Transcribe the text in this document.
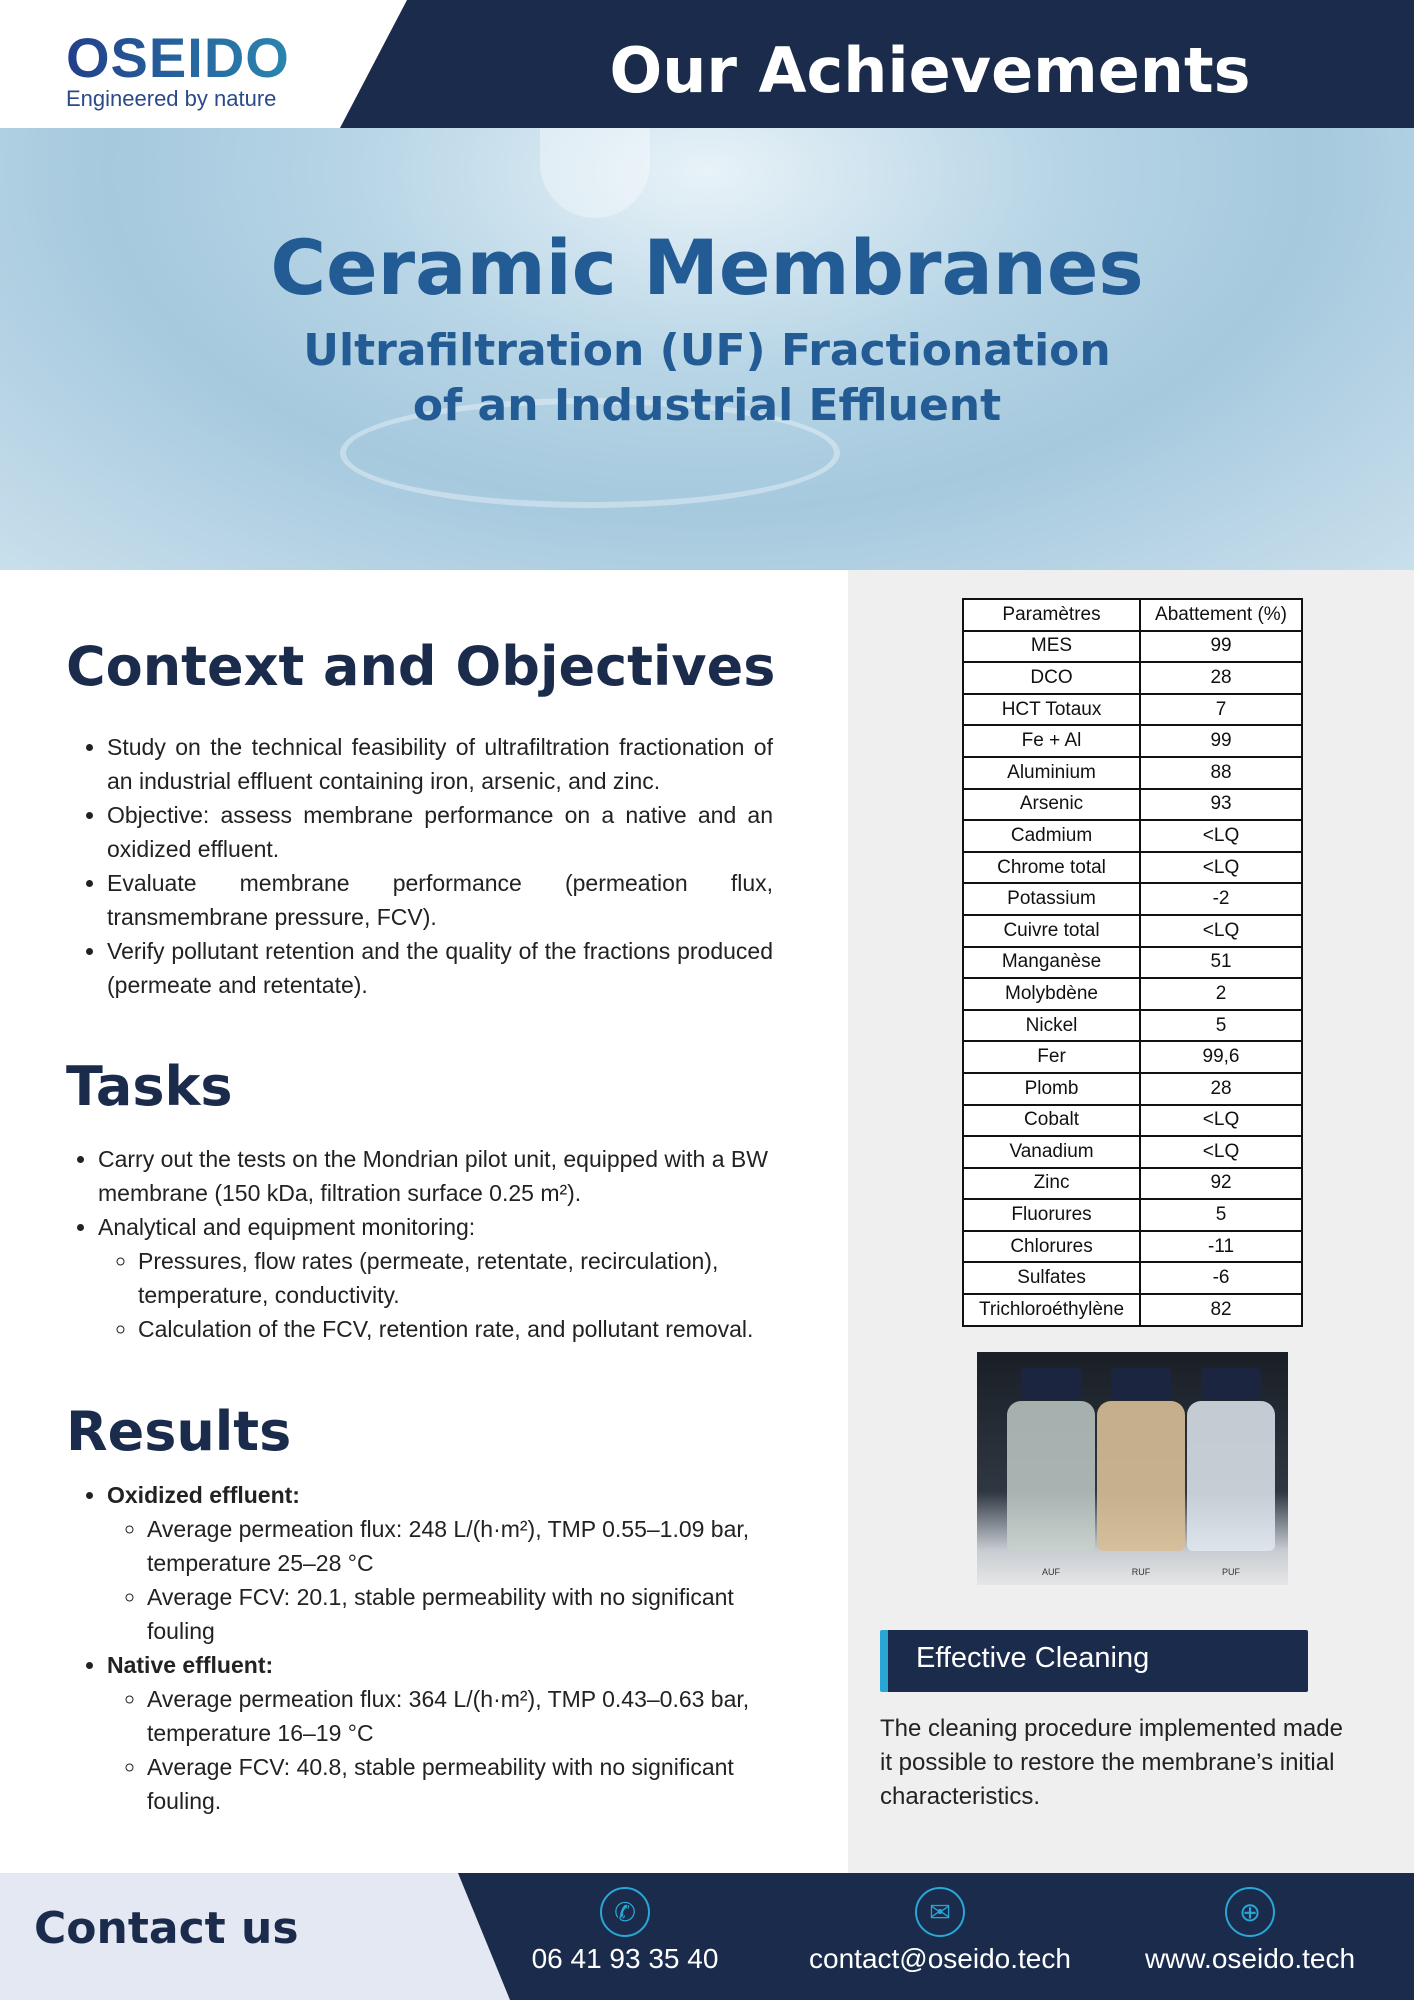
OSEIDO
Engineered by nature	Our Achievements
Ceramic Membranes
Ultrafiltration (UF) Fractionation
of an Industrial Effluent
Context and Objectives
• Study on the technical feasibility of ultrafiltration fractionation of an industrial effluent containing iron, arsenic, and zinc.
• Objective: assess membrane performance on a native and an oxidized effluent.
• Evaluate membrane performance (permeation flux, transmembrane pressure, FCV).
• Verify pollutant retention and the quality of the fractions produced (permeate and retentate).
Tasks
• Carry out the tests on the Mondrian pilot unit, equipped with a BW membrane (150 kDa, filtration surface 0.25 m²).
• Analytical and equipment monitoring:
◦ Pressures, flow rates (permeate, retentate, recirculation), temperature, conductivity.
◦ Calculation of the FCV, retention rate, and pollutant removal.
Results
• Oxidized effluent:
◦ Average permeation flux: 248 L/(h·m²), TMP 0.55–1.09 bar, temperature 25–28 °C
◦ Average FCV: 20.1, stable permeability with no significant fouling
• Native effluent:
◦ Average permeation flux: 364 L/(h·m²), TMP 0.43–0.63 bar, temperature 16–19 °C
◦ Average FCV: 40.8, stable permeability with no significant fouling.
Paramètres	Abattement (%)
MES	99
DCO	28
HCT Totaux	7
Fe + Al	99
Aluminium	88
Arsenic	93
Cadmium	<LQ
Chrome total	<LQ
Potassium	-2
Cuivre total	<LQ
Manganèse	51
Molybdène	2
Nickel	5
Fer	99,6
Plomb	28
Cobalt	<LQ
Vanadium	<LQ
Zinc	92
Fluorures	5
Chlorures	-11
Sulfates	-6
Trichloroéthylène	82
AUF	RUF	PUF
Effective Cleaning
The cleaning procedure implemented made it possible to restore the membrane’s initial characteristics.
Contact us	✆
06 41 93 35 40
✉
contact@oseido.tech
⊕
www.oseido.tech
